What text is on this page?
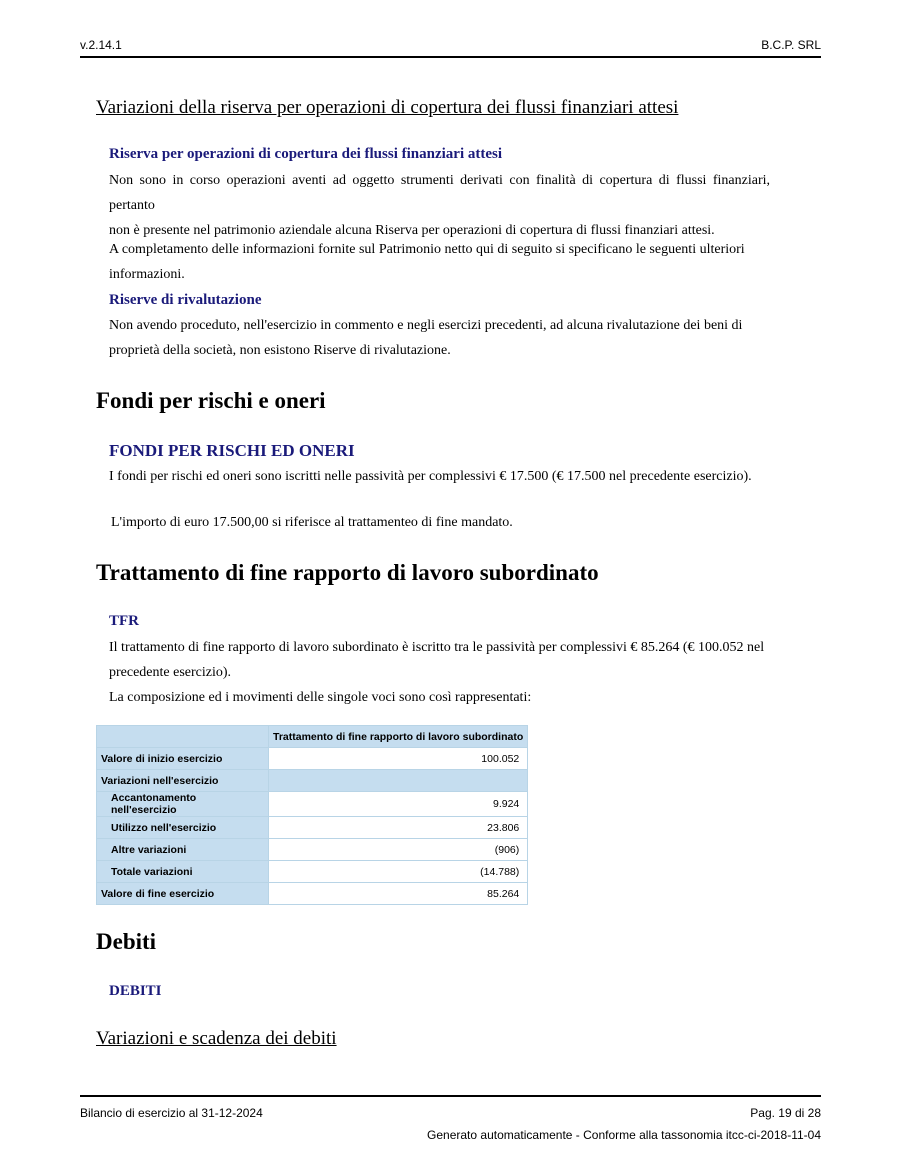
v.2.14.1	B.C.P. SRL
Variazioni della riserva per operazioni di copertura dei flussi finanziari attesi
Riserva per operazioni di copertura dei flussi finanziari attesi
Non sono in corso operazioni aventi ad oggetto strumenti derivati con finalità di copertura di flussi finanziari, pertanto
non è presente nel patrimonio aziendale alcuna Riserva per operazioni di copertura di flussi finanziari attesi.
A completamento delle informazioni fornite sul Patrimonio netto qui di seguito si specificano le seguenti ulteriori
informazioni.
Riserve di rivalutazione
Non avendo proceduto, nell'esercizio in commento e negli esercizi precedenti, ad alcuna rivalutazione dei beni di
proprietà della società, non esistono Riserve di rivalutazione.
Fondi per rischi e oneri
FONDI PER RISCHI ED ONERI
I fondi per rischi ed oneri sono iscritti nelle passività per complessivi € 17.500 (€ 17.500 nel precedente esercizio).
L'importo di euro 17.500,00 si riferisce al trattamenteo di fine mandato.
Trattamento di fine rapporto di lavoro subordinato
TFR
Il trattamento di fine rapporto di lavoro subordinato è iscritto tra le passività per complessivi € 85.264 (€ 100.052 nel
precedente esercizio).
La composizione ed i movimenti delle singole voci sono così rappresentati:
	Trattamento di fine rapporto di lavoro subordinato
Valore di inizio esercizio	100.052
Variazioni nell'esercizio	
Accantonamento nell'esercizio	9.924
Utilizzo nell'esercizio	23.806
Altre variazioni	(906)
Totale variazioni	(14.788)
Valore di fine esercizio	85.264
Debiti
DEBITI
Variazioni e scadenza dei debiti
Bilancio di esercizio al 31-12-2024	Pag. 19 di 28
Generato automaticamente - Conforme alla tassonomia itcc-ci-2018-11-04
